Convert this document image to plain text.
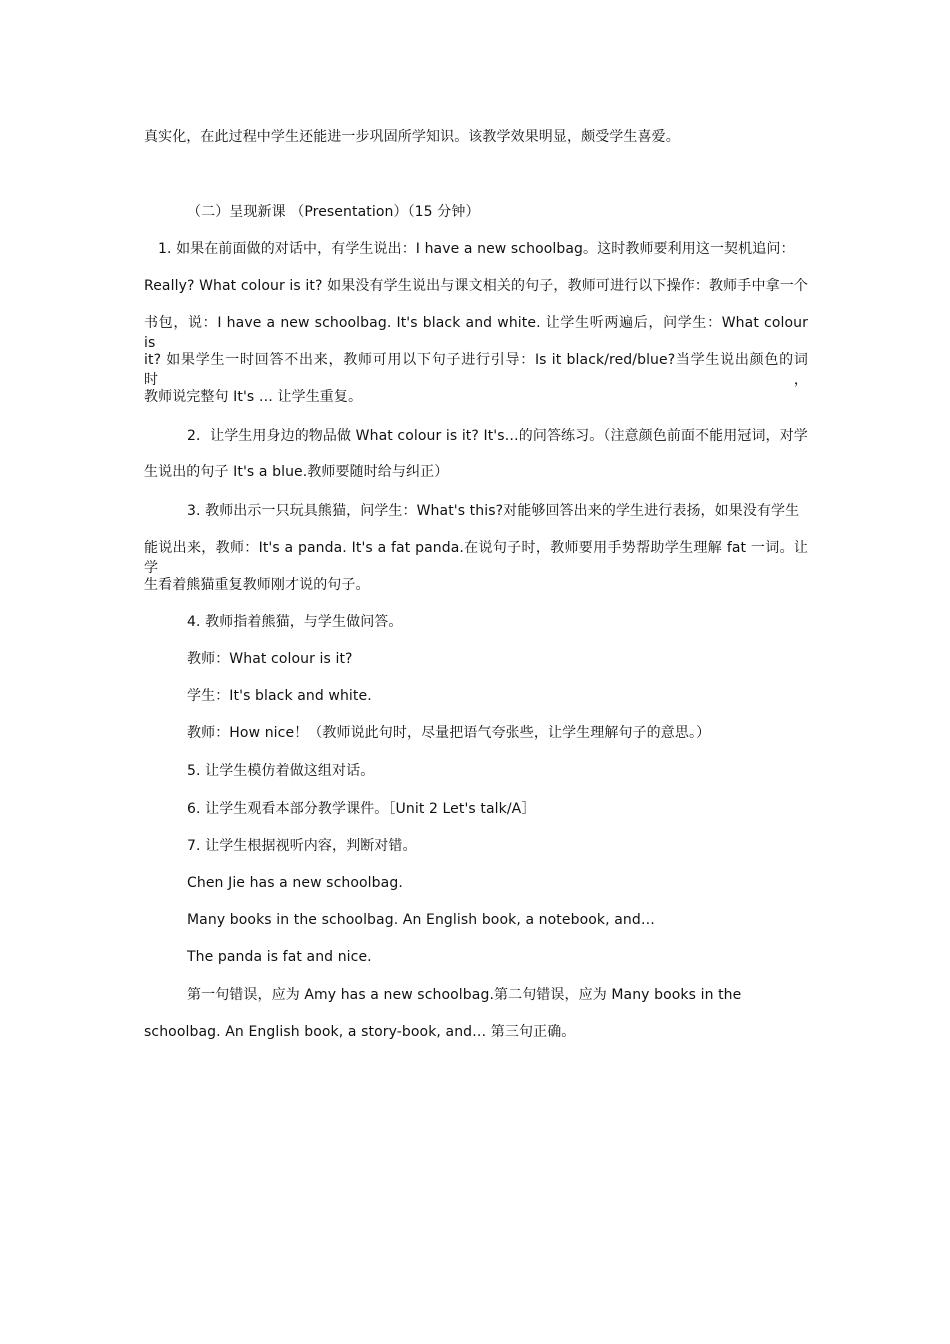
真实化，在此过程中学生还能进一步巩固所学知识。该教学效果明显，颇受学生喜爱。
（二）呈现新课 （Presentation）（15 分钟）
1. 如果在前面做的对话中，有学生说出：I have a new schoolbag。这时教师要利用这一契机追问：
Really? What colour is it? 如果没有学生说出与课文相关的句子，教师可进行以下操作：教师手中拿一个
书包，说：I have a new schoolbag. It's black and white. 让学生听两遍后，问学生：What colour is
it? 如果学生一时回答不出来，教师可用以下句子进行引导：Is it black/red/blue?当学生说出颜色的词时，
教师说完整句 It's … 让学生重复。
2．让学生用身边的物品做 What colour is it? It's…的问答练习。（注意颜色前面不能用冠词，对学
生说出的句子 It's a blue.教师要随时给与纠正）
3. 教师出示一只玩具熊猫，问学生：What's this?对能够回答出来的学生进行表扬，如果没有学生
能说出来，教师：It's a panda. It's a fat panda.在说句子时，教师要用手势帮助学生理解 fat 一词。让学
生看着熊猫重复教师刚才说的句子。
4. 教师指着熊猫，与学生做问答。
教师：What colour is it?
学生：It's black and white.
教师：How nice！（教师说此句时，尽量把语气夸张些，让学生理解句子的意思。）
5. 让学生模仿着做这组对话。
6. 让学生观看本部分教学课件。［Unit 2 Let's talk/A］
7. 让学生根据视听内容，判断对错。
Chen Jie has a new schoolbag.
Many books in the schoolbag. An English book, a notebook, and…
The panda is fat and nice.
第一句错误，应为 Amy has a new schoolbag.第二句错误，应为 Many books in the
schoolbag. An English book, a story-book, and… 第三句正确。
